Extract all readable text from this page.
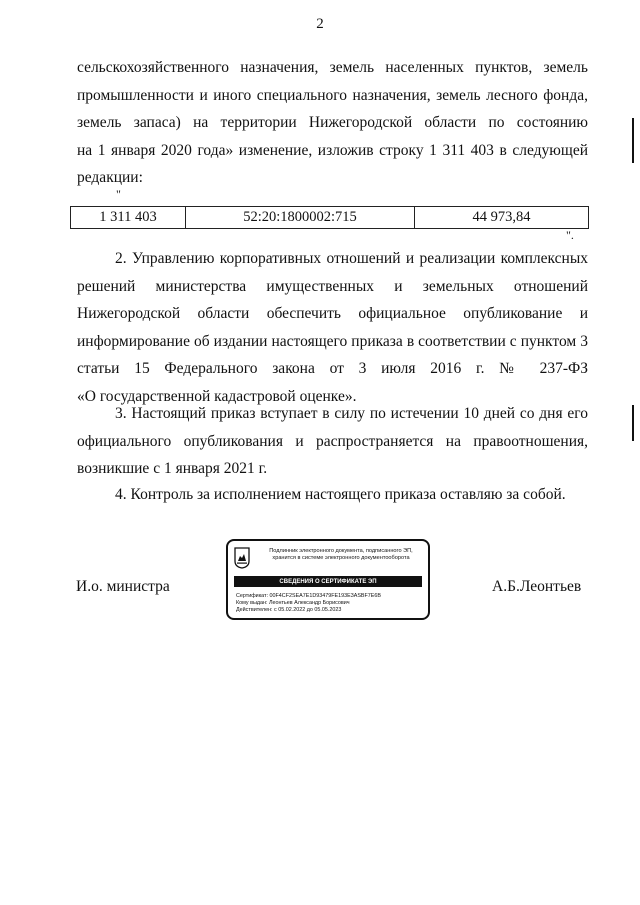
2
сельскохозяйственного назначения, земель населенных пунктов, земель
промышленности и иного специального назначения, земель лесного фонда,
земель запаса) на территории Нижегородской области по состоянию
на 1 января 2020 года» изменение, изложив строку 1 311 403 в следующей
редакции:
"
1 311 403	52:20:1800002:715	44 973,84
".
2. Управлению корпоративных отношений и реализации комплексных
решений министерства имущественных и земельных отношений
Нижегородской области обеспечить официальное опубликование и
информирование об издании настоящего приказа в соответствии с пунктом 3
статьи 15 Федерального закона от 3 июля 2016 г. № 237-ФЗ
«О государственной кадастровой оценке».
3. Настоящий приказ вступает в силу по истечении 10 дней со дня его
официального опубликования и распространяется на правоотношения,
возникшие с 1 января 2021 г.
4. Контроль за исполнением настоящего приказа оставляю за собой.
И.о. министра	А.Б.Леонтьев
Подлинник электронного документа, подписанного ЭП,
хранится в системе электронного документооборота
СВЕДЕНИЯ О СЕРТИФИКАТЕ ЭП
Сертификат: 00F4CF2SEA7E1D93479FE193E3ASBF7E6B
Кому выдан: Леонтьев Александр Борисович
Действителен: с 05.02.2022 до 05.05.2023
